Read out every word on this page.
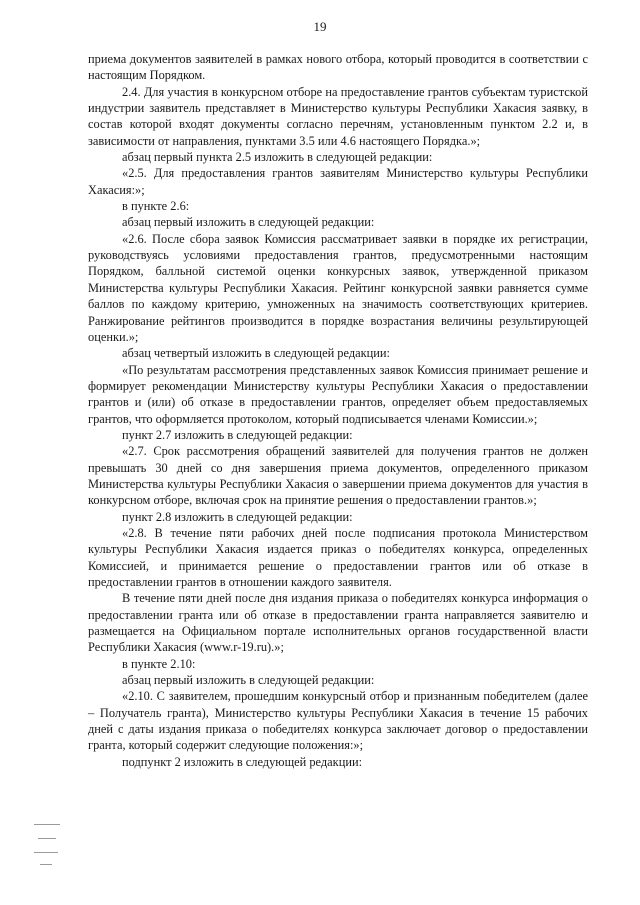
19

приема документов заявителей в рамках нового отбора, который проводится в соответствии с настоящим Порядком.

2.4. Для участия в конкурсном отборе на предоставление грантов субъектам туристской индустрии заявитель представляет в Министерство культуры Республики Хакасия заявку, в состав которой входят документы согласно перечням, установленным пунктом 2.2 и, в зависимости от направления, пунктами 3.5 или 4.6 настоящего Порядка.»;

абзац первый пункта 2.5 изложить в следующей редакции:

«2.5. Для предоставления грантов заявителям Министерство культуры Республики Хакасия:»;

в пункте 2.6:

абзац первый изложить в следующей редакции:

«2.6. После сбора заявок Комиссия рассматривает заявки в порядке их регистрации, руководствуясь условиями предоставления грантов, предусмотренными настоящим Порядком, балльной системой оценки конкурсных заявок, утвержденной приказом Министерства культуры Республики Хакасия. Рейтинг конкурсной заявки равняется сумме баллов по каждому критерию, умноженных на значимость соответствующих критериев. Ранжирование рейтингов производится в порядке возрастания величины результирующей оценки.»;

абзац четвертый изложить в следующей редакции:

«По результатам рассмотрения представленных заявок Комиссия принимает решение и формирует рекомендации Министерству культуры Республики Хакасия о предоставлении грантов и (или) об отказе в предоставлении грантов, определяет объем предоставляемых грантов, что оформляется протоколом, который подписывается членами Комиссии.»;

пункт 2.7 изложить в следующей редакции:

«2.7. Срок рассмотрения обращений заявителей для получения грантов не должен превышать 30 дней со дня завершения приема документов, определенного приказом Министерства культуры Республики Хакасия о завершении приема документов для участия в конкурсном отборе, включая срок на принятие решения о предоставлении грантов.»;

пункт 2.8 изложить в следующей редакции:

«2.8. В течение пяти рабочих дней после подписания протокола Министерством культуры Республики Хакасия издается приказ о победителях конкурса, определенных Комиссией, и принимается решение о предоставлении грантов или об отказе в предоставлении грантов в отношении каждого заявителя.

В течение пяти дней после дня издания приказа о победителях конкурса информация о предоставлении гранта или об отказе в предоставлении гранта направляется заявителю и размещается на Официальном портале исполнительных органов государственной власти Республики Хакасия (www.r-19.ru).»;

в пункте 2.10:

абзац первый изложить в следующей редакции:

«2.10. С заявителем, прошедшим конкурсный отбор и признанным победителем (далее – Получатель гранта), Министерство культуры Республики Хакасия в течение 15 рабочих дней с даты издания приказа о победителях конкурса заключает договор о предоставлении гранта, который содержит следующие положения:»;

подпункт 2 изложить в следующей редакции:
